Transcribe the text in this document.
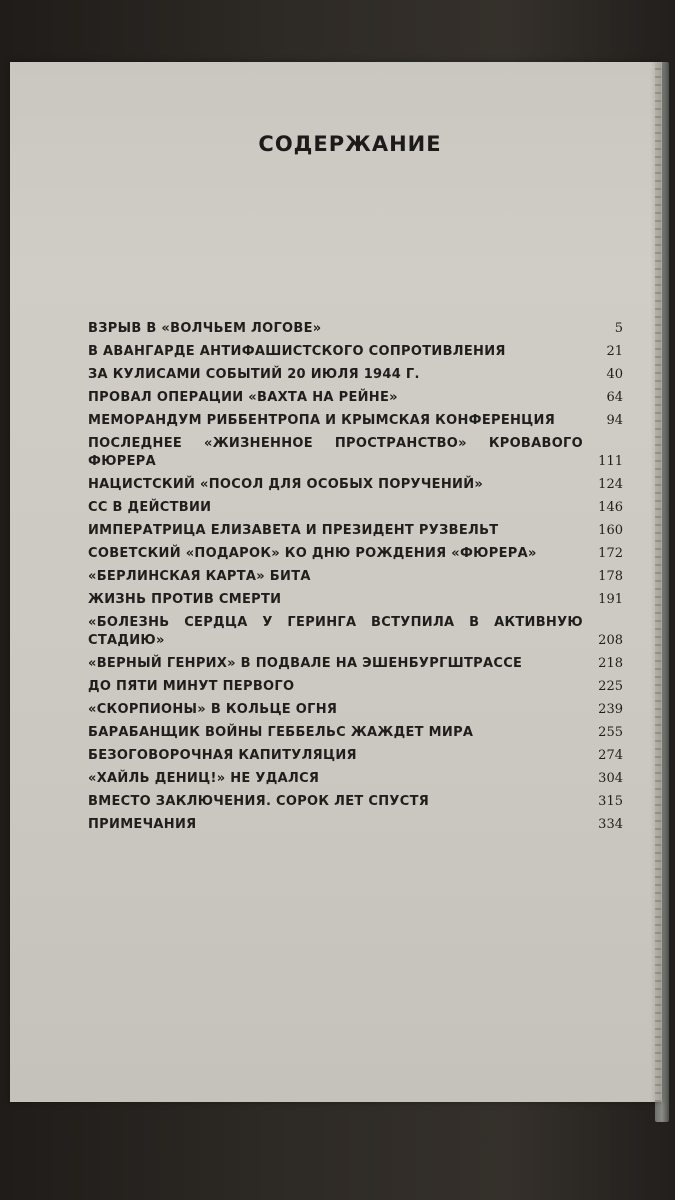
СОДЕРЖАНИЕ
ВЗРЫВ В «ВОЛЧЬЕМ ЛОГОВЕ»	5
В АВАНГАРДЕ АНТИФАШИСТСКОГО СОПРОТИВЛЕНИЯ	21
ЗА КУЛИСАМИ СОБЫТИЙ 20 ИЮЛЯ 1944 Г.	40
ПРОВАЛ ОПЕРАЦИИ «ВАХТА НА РЕЙНЕ»	64
МЕМОРАНДУМ РИББЕНТРОПА И КРЫМСКАЯ КОНФЕРЕНЦИЯ	94
ПОСЛЕДНЕЕ «ЖИЗНЕННОЕ ПРОСТРАНСТВО» КРОВАВОГО ФЮРЕРА	111
НАЦИСТСКИЙ «ПОСОЛ ДЛЯ ОСОБЫХ ПОРУЧЕНИЙ»	124
СС В ДЕЙСТВИИ	146
ИМПЕРАТРИЦА ЕЛИЗАВЕТА И ПРЕЗИДЕНТ РУЗВЕЛЬТ	160
СОВЕТСКИЙ «ПОДАРОК» КО ДНЮ РОЖДЕНИЯ «ФЮРЕРА»	172
«БЕРЛИНСКАЯ КАРТА» БИТА	178
ЖИЗНЬ ПРОТИВ СМЕРТИ	191
«БОЛЕЗНЬ СЕРДЦА У ГЕРИНГА ВСТУПИЛА В АКТИВНУЮ СТАДИЮ»	208
«ВЕРНЫЙ ГЕНРИХ» В ПОДВАЛЕ НА ЭШЕНБУРГШТРАССЕ	218
ДО ПЯТИ МИНУТ ПЕРВОГО	225
«СКОРПИОНЫ» В КОЛЬЦЕ ОГНЯ	239
БАРАБАНЩИК ВОЙНЫ ГЕББЕЛЬС ЖАЖДЕТ МИРА	255
БЕЗОГОВОРОЧНАЯ КАПИТУЛЯЦИЯ	274
«ХАЙЛЬ ДЕНИЦ!» НЕ УДАЛСЯ	304
ВМЕСТО ЗАКЛЮЧЕНИЯ. СОРОК ЛЕТ СПУСТЯ	315
ПРИМЕЧАНИЯ	334
